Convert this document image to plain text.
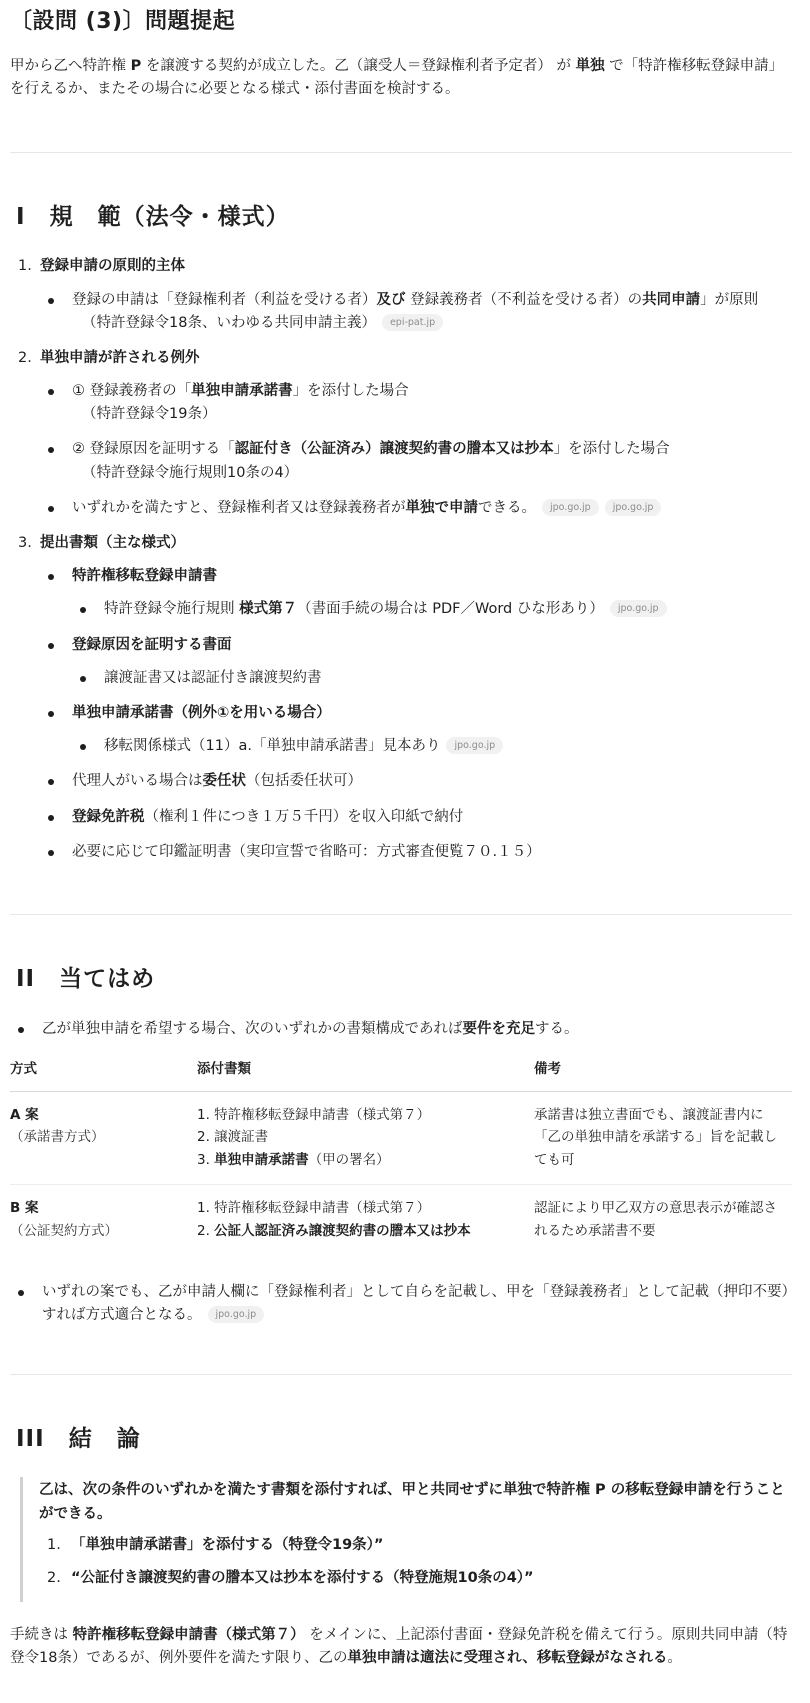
〔設問 (3)〕問題提起

甲から乙へ特許権 P を譲渡する契約が成立した。乙（譲受人＝登録権利者予定者） が 単独 で「特許権移転登録申請」を行えるか、またその場合に必要となる様式・添付書面を検討する。

I 規　範（法令・様式）
1. 登録申請の原則的主体
登録の申請は「登録権利者（利益を受ける者）及び 登録義務者（不利益を受ける者）の共同申請」が原則
（特許登録令18条、いわゆる共同申請主義） epi-pat.jp
2. 単独申請が許される例外
① 登録義務者の「単独申請承諾書」を添付した場合
（特許登録令19条）
② 登録原因を証明する「認証付き（公証済み）譲渡契約書の謄本又は抄本」を添付した場合
（特許登録令施行規則10条の4）
いずれかを満たすと、登録権利者又は登録義務者が単独で申請できる。 jpo.go.jp jpo.go.jp
3. 提出書類（主な様式）
特許権移転登録申請書
特許登録令施行規則 様式第７（書面手続の場合は PDF／Word ひな形あり） jpo.go.jp
登録原因を証明する書面
譲渡証書又は認証付き譲渡契約書
単独申請承諾書（例外①を用いる場合）
移転関係様式（11）a.「単独申請承諾書」見本あり jpo.go.jp
代理人がいる場合は委任状（包括委任状可）
登録免許税（権利１件につき１万５千円）を収入印紙で納付
必要に応じて印鑑証明書（実印宣誓で省略可：方式審査便覧７０.１５）
II 当てはめ
乙が単独申請を希望する場合、次のいずれかの書類構成であれば要件を充足する。
方式	添付書類	備考

A 案
（承諾書方式）	1. 特許権移転登録申請書（様式第７）
2. 譲渡証書
3. 単独申請承諾書（甲の署名）	承諾書は独立書面でも、譲渡証書内に「乙の単独申請を承諾する」旨を記載しても可

B 案
（公証契約方式）	1. 特許権移転登録申請書（様式第７）
2. 公証人認証済み譲渡契約書の謄本又は抄本	認証により甲乙双方の意思表示が確認されるため承諾書不要
いずれの案でも、乙が申請人欄に「登録権利者」として自らを記載し、甲を「登録義務者」として記載（押印不要）すれば方式適合となる。 jpo.go.jp
III 結　論

乙は、次の条件のいずれかを満たす書類を添付すれば、甲と共同せずに単独で特許権 P の移転登録申請を行うことができる。

1. 「単独申請承諾書」を添付する（特登令19条）”
2. “公証付き譲渡契約書の謄本又は抄本を添付する（特登施規10条の4）”

手続きは 特許権移転登録申請書（様式第７） をメインに、上記添付書面・登録免許税を備えて行う。原則共同申請（特登令18条）であるが、例外要件を満たす限り、乙の単独申請は適法に受理され、移転登録がなされる。
